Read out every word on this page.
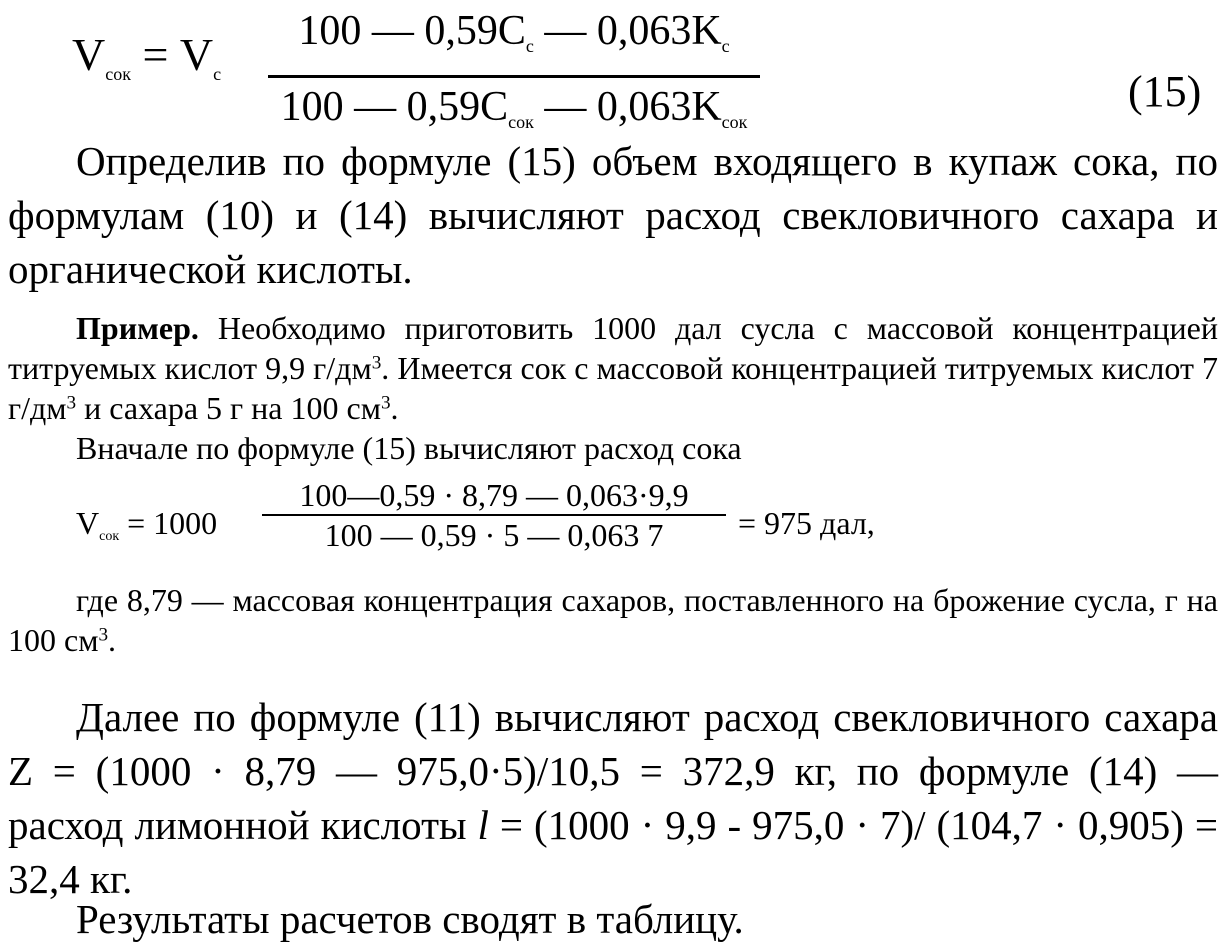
$V_{сок} = V_c$
100 — $0,59C_c$ — $0,063K_c$
100 — $0,59C_{сок}$ — $0,063K_{сок}$
(15)
Определив по формуле (15) объем входящего в купаж сока, по формулам (10) и (14) вычисляют расход свекловичного сахара и органической кислоты.
Пример. Необходимо приготовить 1000 дал сусла с массовой концентрацией титруемых кислот 9,9 $г/дм^3$. Имеется сок с массовой концентрацией титруемых кислот 7 $г/дм^3$ и сахара 5 г на 100 $см^3$.
Вначале по формуле (15) вычисляют расход сока
$V_{сок} = 1000$
100—0,59 · 8,79 — 0,063·9,9
100 — 0,59 · 5 — 0,063 7	= 975 дал,
где 8,79 — массовая концентрация сахаров, поставленного на брожение сусла, г на 100 $см^3$.
Далее по формуле (11) вычисляют расход свекловичного сахара Z = (1000 · 8,79 — 975,0·5)/10,5 = 372,9 кг, по формуле (14) — расход лимонной кислоты l = (1000 · 9,9 - 975,0 · 7)/ (104,7 · 0,905) = 32,4 кг.
Результаты расчетов сводят в таблицу.
